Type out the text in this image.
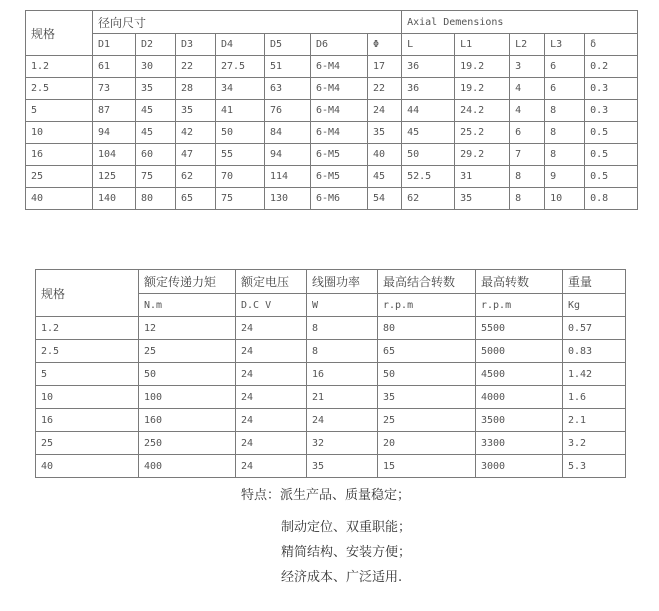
规格	径向尺寸							Axial Demensions				
	D1	D2	D3	D4	D5	D6	Φ	L	L1	L2	L3	δ
1.2	61	30	22	27.5	51	6-M4	17	36	19.2	3	6	0.2
2.5	73	35	28	34	63	6-M4	22	36	19.2	4	6	0.3
5	87	45	35	41	76	6-M4	24	44	24.2	4	8	0.3
10	94	45	42	50	84	6-M4	35	45	25.2	6	8	0.5
16	104	60	47	55	94	6-M5	40	50	29.2	7	8	0.5
25	125	75	62	70	114	6-M5	45	52.5	31	8	9	0.5
40	140	80	65	75	130	6-M6	54	62	35	8	10	0.8
规格	额定传递力矩	额定电压	线圈功率	最高结合转数	最高转数	重量
	N.m	D.C V	W	r.p.m	r.p.m	Kg
1.2	12	24	8	80	5500	0.57
2.5	25	24	8	65	5000	0.83
5	50	24	16	50	4500	1.42
10	100	24	21	35	4000	1.6
16	160	24	24	25	3500	2.1
25	250	24	32	20	3300	3.2
40	400	24	35	15	3000	5.3
特点：派生产品、质量稳定；
制动定位、双重职能；
精简结构、安装方便；
经济成本、广泛适用.
